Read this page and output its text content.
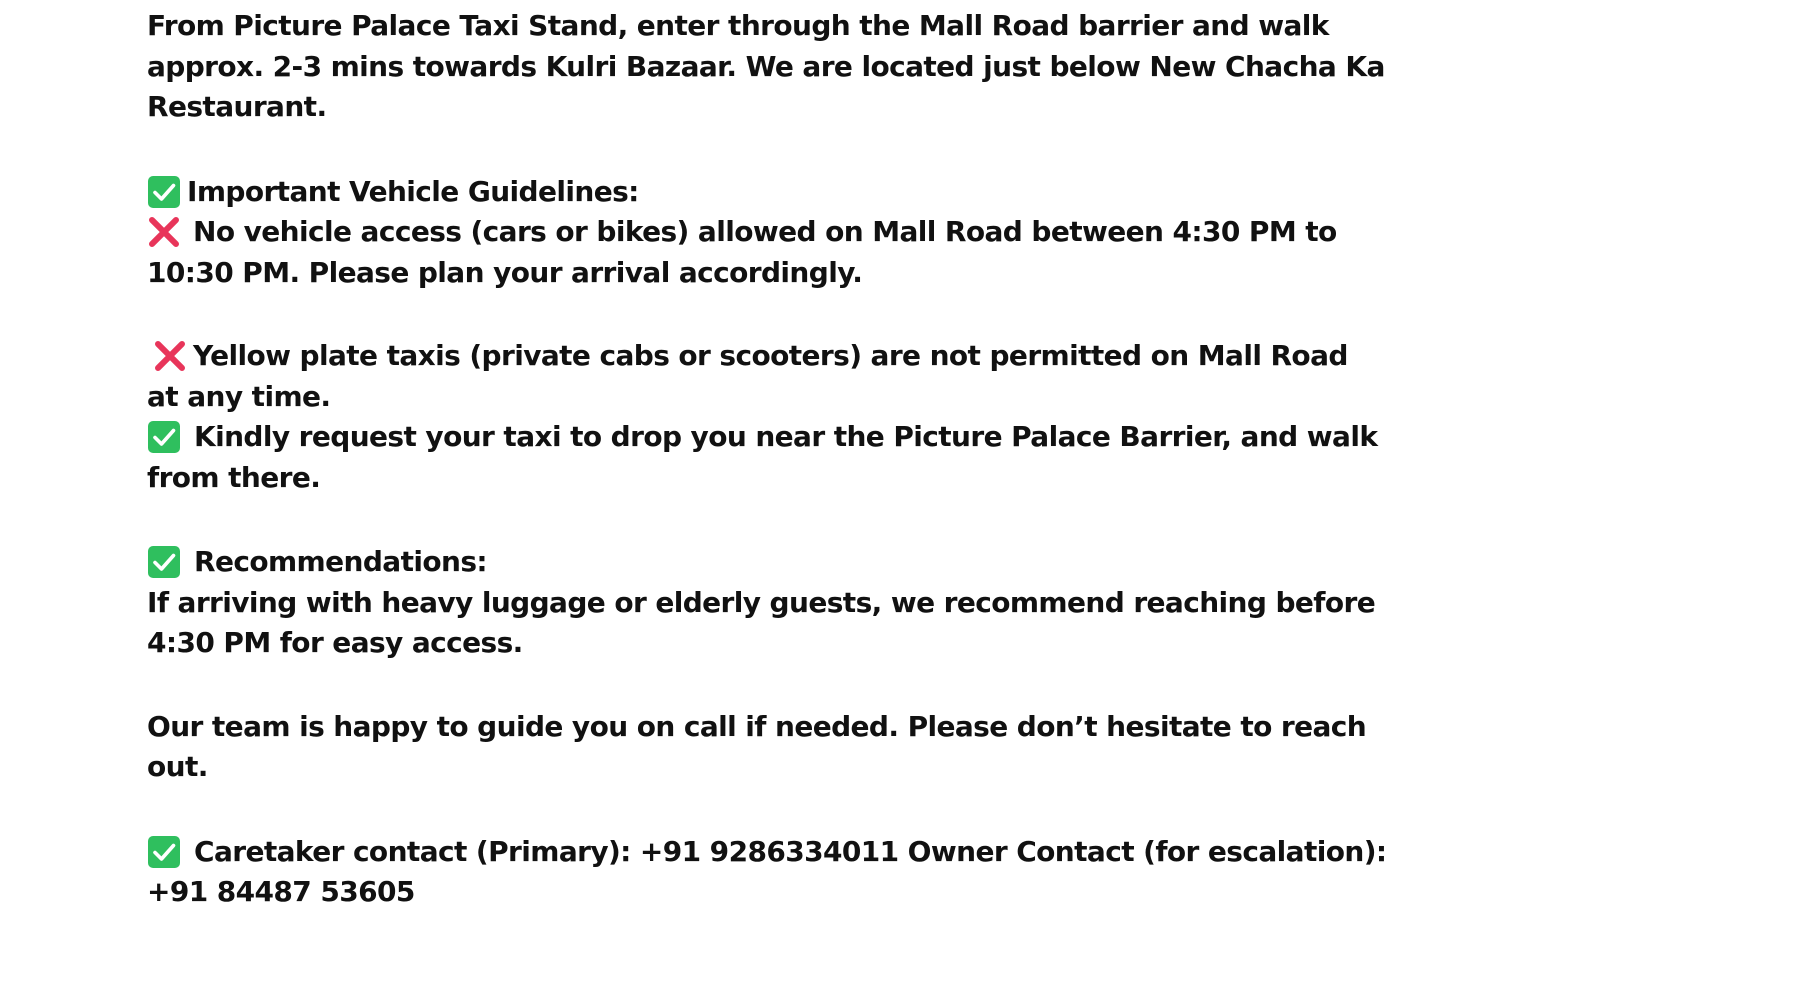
From Picture Palace Taxi Stand, enter through the Mall Road barrier and walk
approx. 2-3 mins towards Kulri Bazaar. We are located just below New Chacha Ka
Restaurant.
Important Vehicle Guidelines:
No vehicle access (cars or bikes) allowed on Mall Road between 4:30 PM to
10:30 PM. Please plan your arrival accordingly.
Yellow plate taxis (private cabs or scooters) are not permitted on Mall Road
at any time.
Kindly request your taxi to drop you near the Picture Palace Barrier, and walk
from there.
Recommendations:
If arriving with heavy luggage or elderly guests, we recommend reaching before
4:30 PM for easy access.
Our team is happy to guide you on call if needed. Please don’t hesitate to reach
out.
Caretaker contact (Primary): +91 9286334011 Owner Contact (for escalation):
+91 84487 53605
